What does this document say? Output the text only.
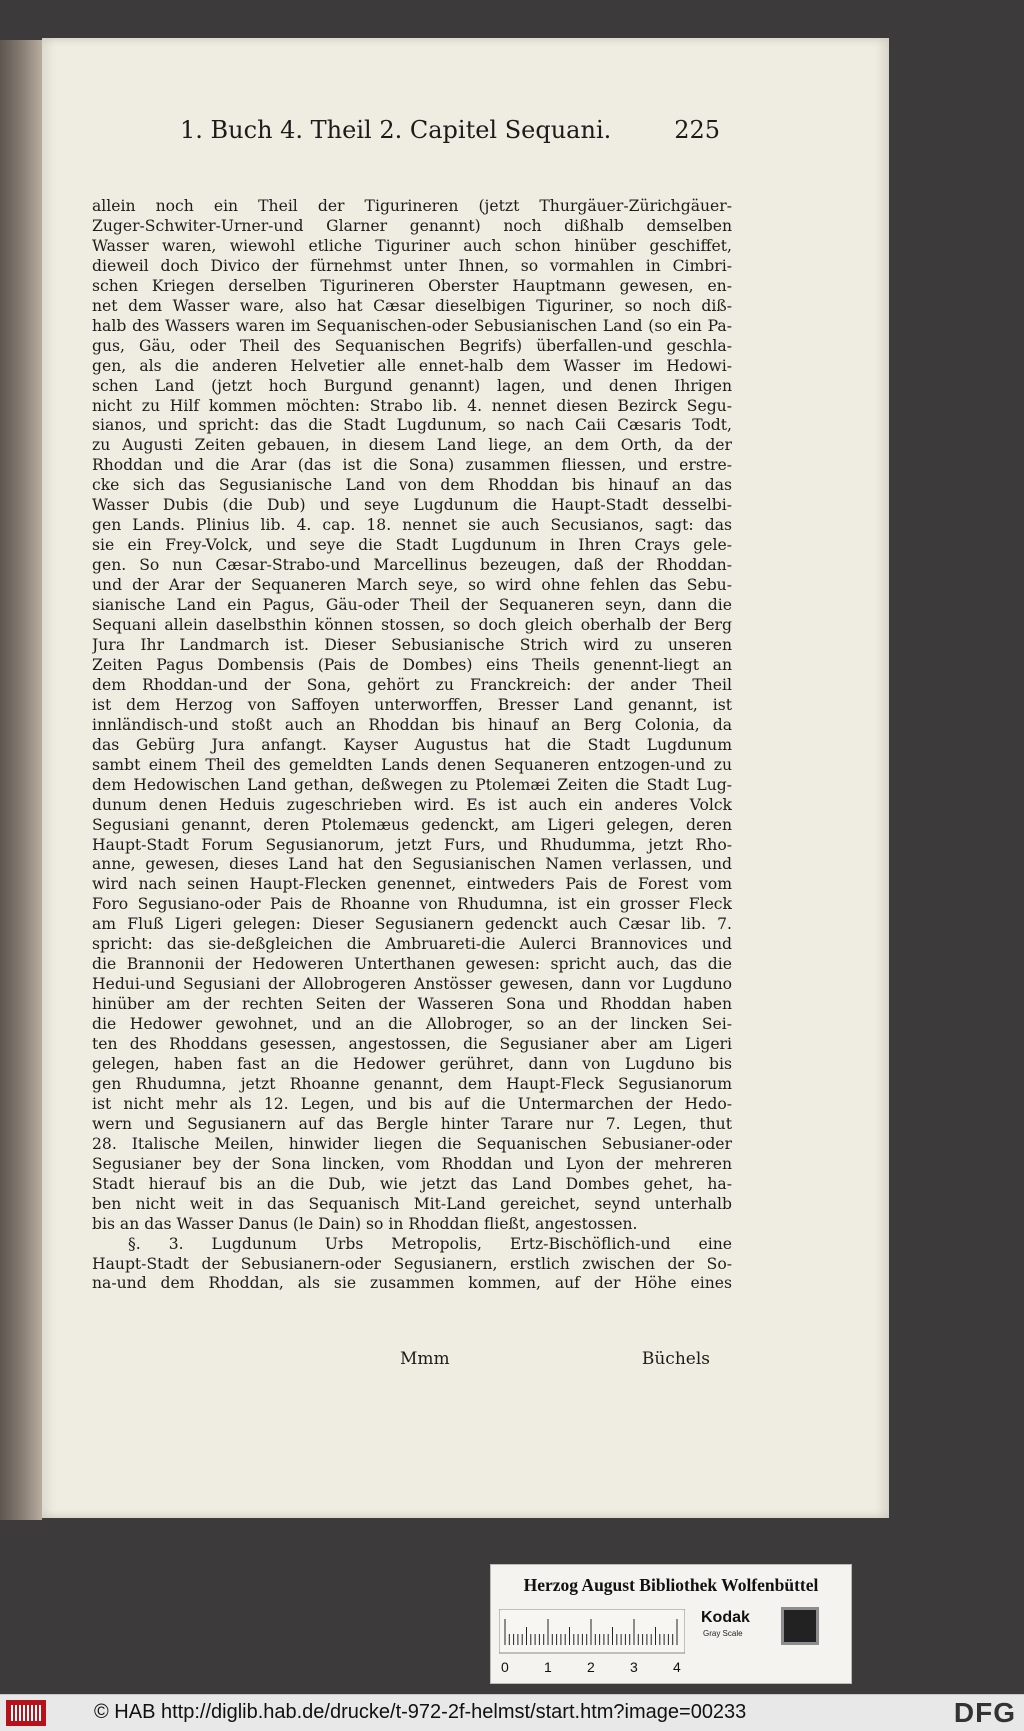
1. Buch 4. Theil 2. Capitel Sequani.	225
allein noch ein Theil der Tigurineren (jetzt Thurgäuer-Zürichgäuer-
Zuger-Schwiter-Urner-und Glarner genannt) noch dißhalb demselben
Wasser waren, wiewohl etliche Tiguriner auch schon hinüber geschiffet,
dieweil doch Divico der fürnehmst unter Ihnen, so vormahlen in Cimbri-
schen Kriegen derselben Tigurineren Oberster Hauptmann gewesen, en-
net dem Wasser ware, also hat Cæsar dieselbigen Tiguriner, so noch diß-
halb des Wassers waren im Sequanischen-oder Sebusianischen Land (so ein Pa-
gus, Gäu, oder Theil des Sequanischen Begrifs) überfallen-und geschla-
gen, als die anderen Helvetier alle ennet-halb dem Wasser im Hedowi-
schen Land (jetzt hoch Burgund genannt) lagen, und denen Ihrigen
nicht zu Hilf kommen möchten: Strabo lib. 4. nennet diesen Bezirck Segu-
sianos, und spricht: das die Stadt Lugdunum, so nach Caii Cæsaris Todt,
zu Augusti Zeiten gebauen, in diesem Land liege, an dem Orth, da der
Rhoddan und die Arar (das ist die Sona) zusammen fliessen, und erstre-
cke sich das Segusianische Land von dem Rhoddan bis hinauf an das
Wasser Dubis (die Dub) und seye Lugdunum die Haupt-Stadt desselbi-
gen Lands. Plinius lib. 4. cap. 18. nennet sie auch Secusianos, sagt: das
sie ein Frey-Volck, und seye die Stadt Lugdunum in Ihren Crays gele-
gen. So nun Cæsar-Strabo-und Marcellinus bezeugen, daß der Rhoddan-
und der Arar der Sequaneren March seye, so wird ohne fehlen das Sebu-
sianische Land ein Pagus, Gäu-oder Theil der Sequaneren seyn, dann die
Sequani allein daselbsthin können stossen, so doch gleich oberhalb der Berg
Jura Ihr Landmarch ist. Dieser Sebusianische Strich wird zu unseren
Zeiten Pagus Dombensis (Pais de Dombes) eins Theils genennt-liegt an
dem Rhoddan-und der Sona, gehört zu Franckreich: der ander Theil
ist dem Herzog von Saffoyen unterworffen, Bresser Land genannt, ist
innländisch-und stoßt auch an Rhoddan bis hinauf an Berg Colonia, da
das Gebürg Jura anfangt. Kayser Augustus hat die Stadt Lugdunum
sambt einem Theil des gemeldten Lands denen Sequaneren entzogen-und zu
dem Hedowischen Land gethan, deßwegen zu Ptolemæi Zeiten die Stadt Lug-
dunum denen Heduis zugeschrieben wird. Es ist auch ein anderes Volck
Segusiani genannt, deren Ptolemæus gedenckt, am Ligeri gelegen, deren
Haupt-Stadt Forum Segusianorum, jetzt Furs, und Rhudumma, jetzt Rho-
anne, gewesen, dieses Land hat den Segusianischen Namen verlassen, und
wird nach seinen Haupt-Flecken genennet, eintweders Pais de Forest vom
Foro Segusiano-oder Pais de Rhoanne von Rhudumna, ist ein grosser Fleck
am Fluß Ligeri gelegen: Dieser Segusianern gedenckt auch Cæsar lib. 7.
spricht: das sie-deßgleichen die Ambruareti-die Aulerci Brannovices und
die Brannonii der Hedoweren Unterthanen gewesen: spricht auch, das die
Hedui-und Segusiani der Allobrogeren Anstösser gewesen, dann vor Lugduno
hinüber am der rechten Seiten der Wasseren Sona und Rhoddan haben
die Hedower gewohnet, und an die Allobroger, so an der lincken Sei-
ten des Rhoddans gesessen, angestossen, die Segusianer aber am Ligeri
gelegen, haben fast an die Hedower gerühret, dann von Lugduno bis
gen Rhudumna, jetzt Rhoanne genannt, dem Haupt-Fleck Segusianorum
ist nicht mehr als 12. Legen, und bis auf die Untermarchen der Hedo-
wern und Segusianern auf das Bergle hinter Tarare nur 7. Legen, thut
28. Italische Meilen, hinwider liegen die Sequanischen Sebusianer-oder
Segusianer bey der Sona lincken, vom Rhoddan und Lyon der mehreren
Stadt hierauf bis an die Dub, wie jetzt das Land Dombes gehet, ha-
ben nicht weit in das Sequanisch Mit-Land gereichet, seynd unterhalb
bis an das Wasser Danus (le Dain) so in Rhoddan fließt, angestossen.
§. 3. Lugdunum Urbs Metropolis, Ertz-Bischöflich-und eine
Haupt-Stadt der Sebusianern-oder Segusianern, erstlich zwischen der So-
na-und dem Rhoddan, als sie zusammen kommen, auf der Höhe eines
Mmm	Büchels
Herzog August Bibliothek Wolfenbüttel
Kodak
Gray Scale
0	1	2	3	4
© HAB http://diglib.hab.de/drucke/t-972-2f-helmst/start.htm?image=00233	DFG
